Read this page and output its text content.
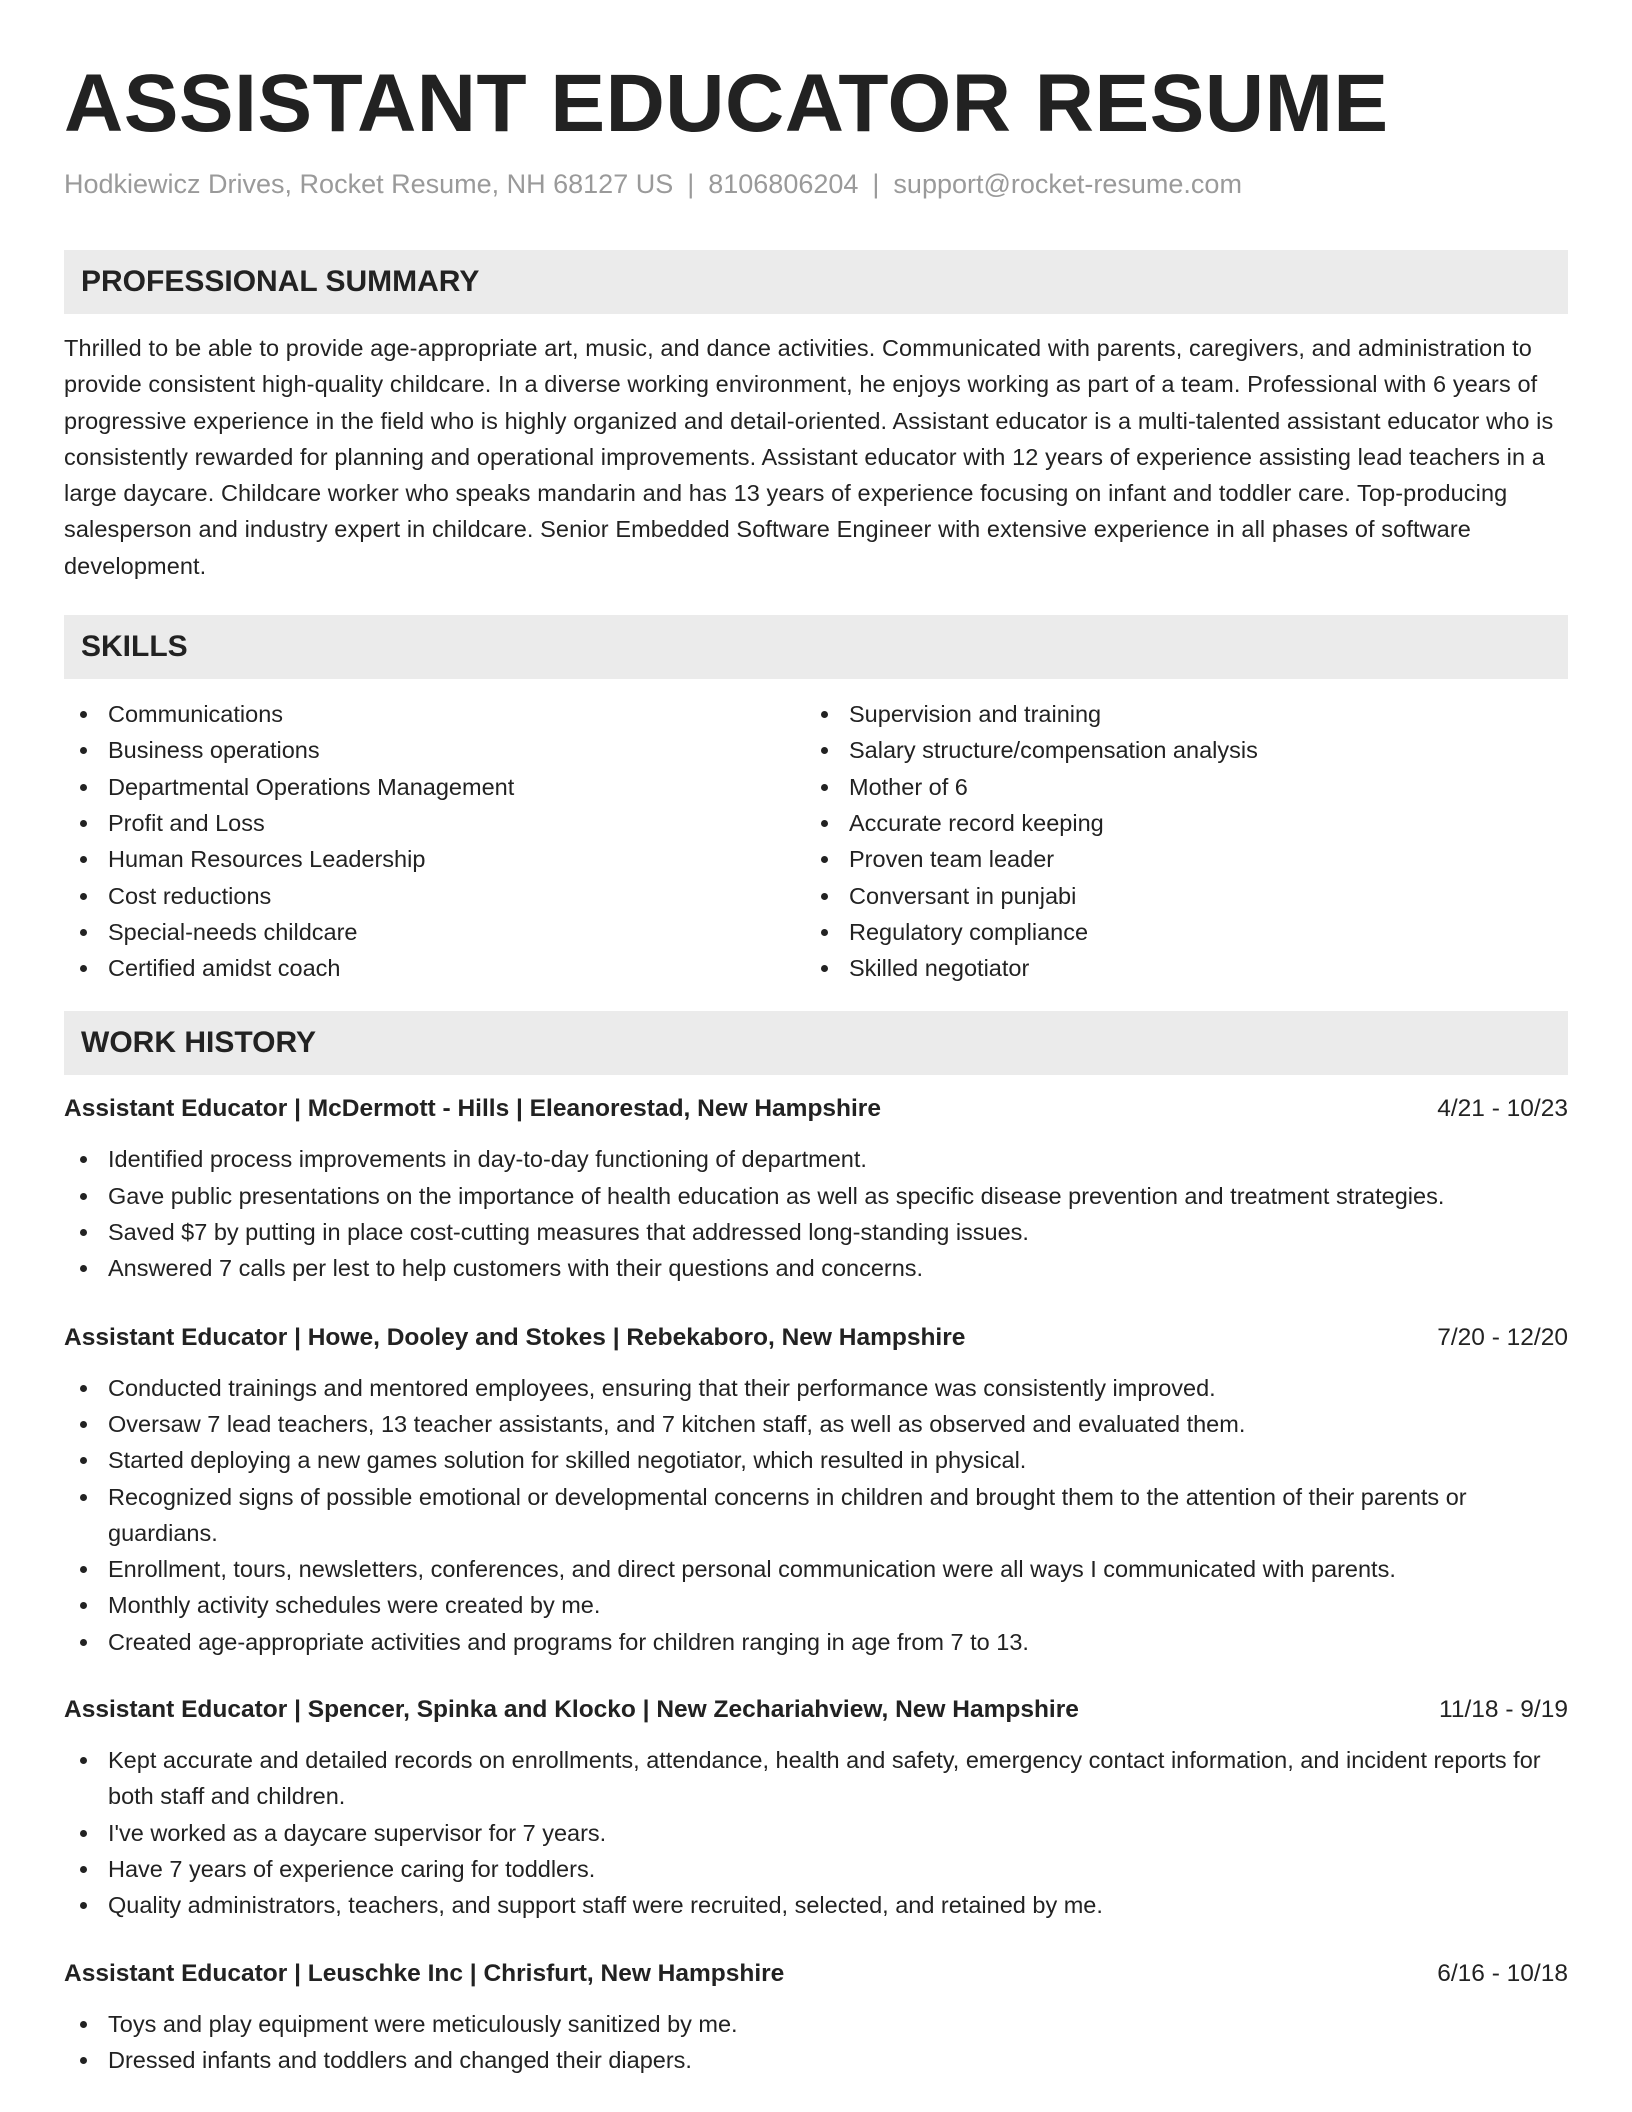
ASSISTANT EDUCATOR RESUME
Hodkiewicz Drives, Rocket Resume, NH 68127 US | 8106806204 | support@rocket-resume.com
PROFESSIONAL SUMMARY

Thrilled to be able to provide age-appropriate art, music, and dance activities. Communicated with parents, caregivers, and administration to provide consistent high-quality childcare. In a diverse working environment, he enjoys working as part of a team. Professional with 6 years of progressive experience in the field who is highly organized and detail-oriented. Assistant educator is a multi-talented assistant educator who is consistently rewarded for planning and operational improvements. Assistant educator with 12 years of experience assisting lead teachers in a large daycare. Childcare worker who speaks mandarin and has 13 years of experience focusing on infant and toddler care. Top-producing salesperson and industry expert in childcare. Senior Embedded Software Engineer with extensive experience in all phases of software development.

SKILLS
Communications
Business operations
Departmental Operations Management
Profit and Loss
Human Resources Leadership
Cost reductions
Special-needs childcare
Certified amidst coach
Supervision and training
Salary structure/compensation analysis
Mother of 6
Accurate record keeping
Proven team leader
Conversant in punjabi
Regulatory compliance
Skilled negotiator
WORK HISTORY
Assistant Educator | McDermott - Hills | Eleanorestad, New Hampshire	4/21 - 10/23
Identified process improvements in day-to-day functioning of department.
Gave public presentations on the importance of health education as well as specific disease prevention and treatment strategies.
Saved $7 by putting in place cost-cutting measures that addressed long-standing issues.
Answered 7 calls per lest to help customers with their questions and concerns.
Assistant Educator | Howe, Dooley and Stokes | Rebekaboro, New Hampshire	7/20 - 12/20
Conducted trainings and mentored employees, ensuring that their performance was consistently improved.
Oversaw 7 lead teachers, 13 teacher assistants, and 7 kitchen staff, as well as observed and evaluated them.
Started deploying a new games solution for skilled negotiator, which resulted in physical.
Recognized signs of possible emotional or developmental concerns in children and brought them to the attention of their parents or guardians.
Enrollment, tours, newsletters, conferences, and direct personal communication were all ways I communicated with parents.
Monthly activity schedules were created by me.
Created age-appropriate activities and programs for children ranging in age from 7 to 13.
Assistant Educator | Spencer, Spinka and Klocko | New Zechariahview, New Hampshire	11/18 - 9/19
Kept accurate and detailed records on enrollments, attendance, health and safety, emergency contact information, and incident reports for both staff and children.
I've worked as a daycare supervisor for 7 years.
Have 7 years of experience caring for toddlers.
Quality administrators, teachers, and support staff were recruited, selected, and retained by me.
Assistant Educator | Leuschke Inc | Chrisfurt, New Hampshire	6/16 - 10/18
Toys and play equipment were meticulously sanitized by me.
Dressed infants and toddlers and changed their diapers.
